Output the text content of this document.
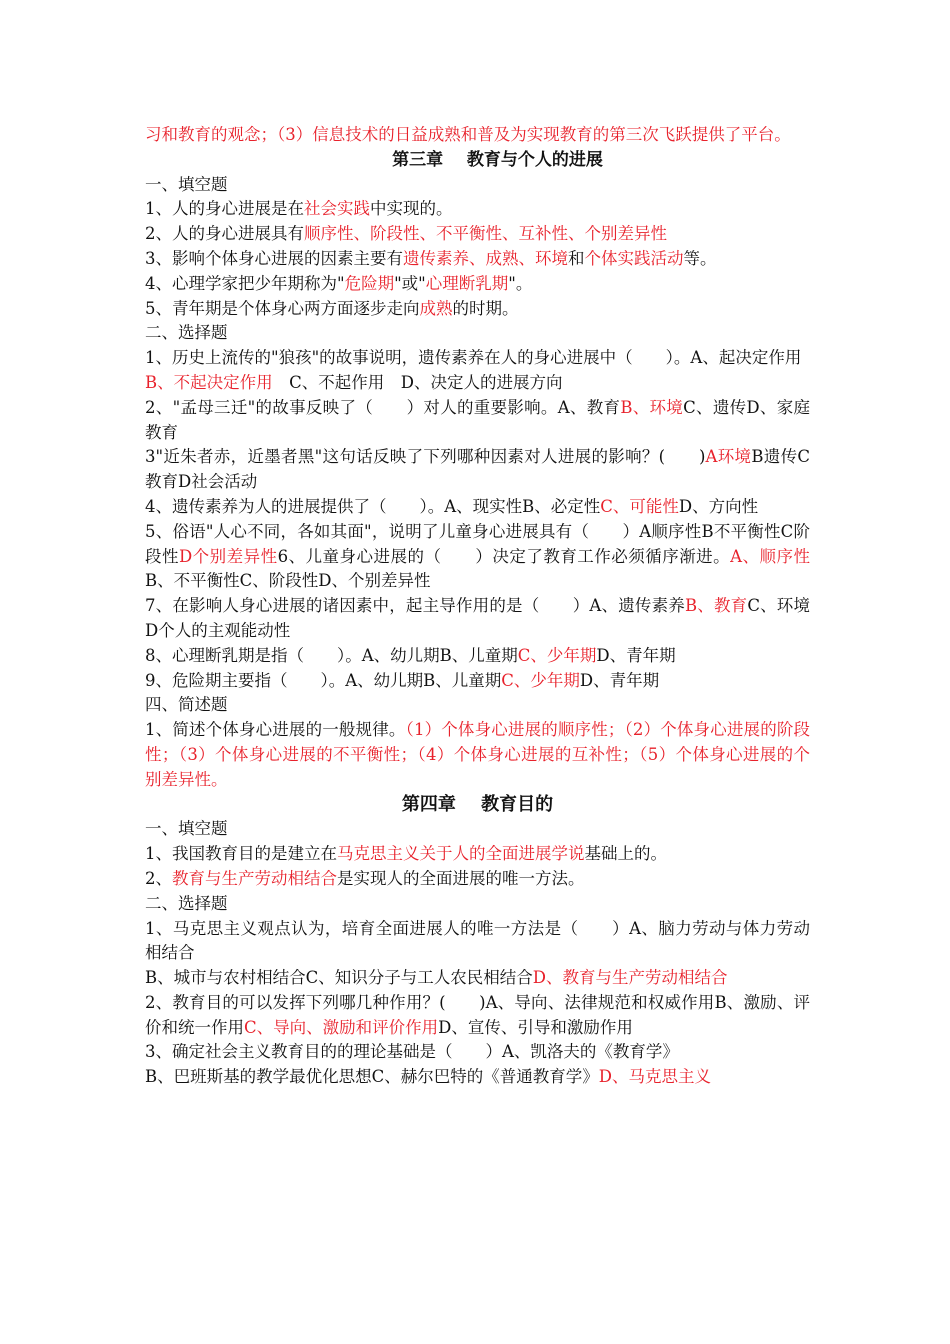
习和教育的观念；（3）信息技术的日益成熟和普及为实现教育的第三次飞跃提供了平台。

第三章 教育与个人的进展

一、填空题

1、人的身心进展是在社会实践中实现的。

2、人的身心进展具有顺序性、阶段性、不平衡性、互补性、个别差异性

3、影响个体身心进展的因素主要有遗传素养、成熟、环境和个体实践活动等。

4、心理学家把少年期称为"危险期"或"心理断乳期"。

5、青年期是个体身心两方面逐步走向成熟的时期。

二、选择题

1、历史上流传的"狼孩"的故事说明，遗传素养在人的身心进展中（　　）。A、起决定作用

B、不起决定作用　C、不起作用　D、决定人的进展方向

2、"孟母三迁"的故事反映了（　　）对人的重要影响。A、教育B、环境C、遗传D、家庭教育

3"近朱者赤，近墨者黑"这句话反映了下列哪种因素对人进展的影响？(　　)A环境B遗传C教育D社会活动

4、遗传素养为人的进展提供了（　　）。A、现实性B、必定性C、可能性D、方向性

5、俗语"人心不同，各如其面"，说明了儿童身心进展具有（　　）A顺序性B不平衡性C阶段性D个别差异性6、儿童身心进展的（　　）决定了教育工作必须循序渐进。A、顺序性B、不平衡性C、阶段性D、个别差异性

7、在影响人身心进展的诸因素中，起主导作用的是（　　）A、遗传素养B、教育C、环境D个人的主观能动性

8、心理断乳期是指（　　）。A、幼儿期B、儿童期C、少年期D、青年期

9、危险期主要指（　　）。A、幼儿期B、儿童期C、少年期D、青年期

四、简述题

1、简述个体身心进展的一般规律。（1）个体身心进展的顺序性；（2）个体身心进展的阶段性；（3）个体身心进展的不平衡性；（4）个体身心进展的互补性；（5）个体身心进展的个别差异性。

第四章 教育目的

一、填空题

1、我国教育目的是建立在马克思主义关于人的全面进展学说基础上的。

2、教育与生产劳动相结合是实现人的全面进展的唯一方法。

二、选择题

1、马克思主义观点认为，培育全面进展人的唯一方法是（　　）A、脑力劳动与体力劳动相结合

B、城市与农村相结合C、知识分子与工人农民相结合D、教育与生产劳动相结合

2、教育目的可以发挥下列哪几种作用？(　　)A、导向、法律规范和权威作用B、激励、评价和统一作用C、导向、激励和评价作用D、宣传、引导和激励作用

3、确定社会主义教育目的的理论基础是（　　）A、凯洛夫的《教育学》

B、巴班斯基的教学最优化思想C、赫尔巴特的《普通教育学》D、马克思主义
